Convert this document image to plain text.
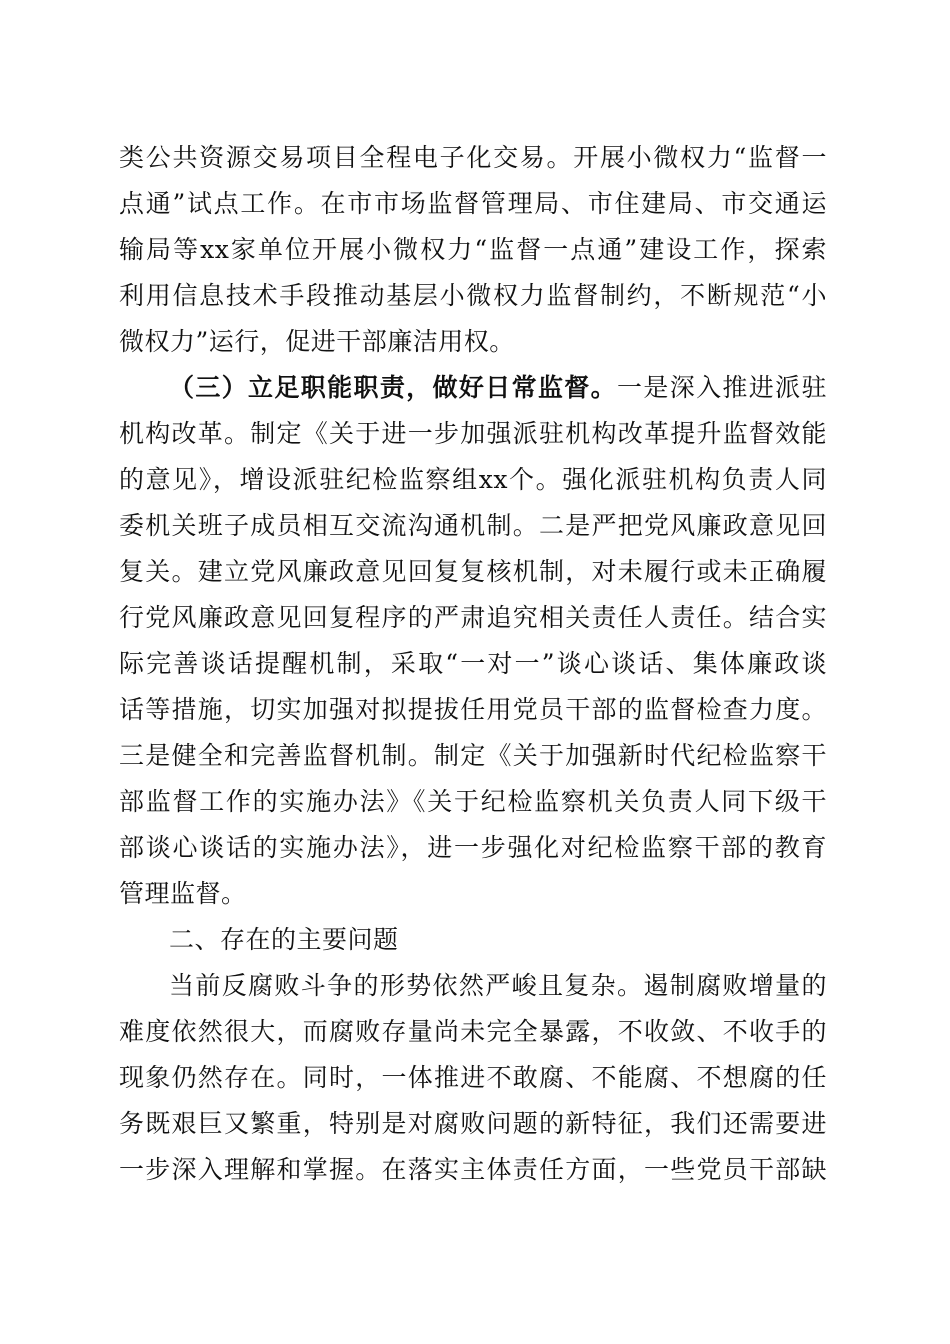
类公共资源交易项目全程电子化交易。开展小微权力“监督一
点通”试点工作。在市市场监督管理局、市住建局、市交通运
输局等xx家单位开展小微权力“监督一点通”建设工作，探索
利用信息技术手段推动基层小微权力监督制约，不断规范“小
微权力”运行，促进干部廉洁用权。
（三）立足职能职责，做好日常监督。一是深入推进派驻
机构改革。制定《关于进一步加强派驻机构改革提升监督效能
的意见》，增设派驻纪检监察组xx个。强化派驻机构负责人同
委机关班子成员相互交流沟通机制。二是严把党风廉政意见回
复关。建立党风廉政意见回复复核机制，对未履行或未正确履
行党风廉政意见回复程序的严肃追究相关责任人责任。结合实
际完善谈话提醒机制，采取“一对一”谈心谈话、集体廉政谈
话等措施，切实加强对拟提拔任用党员干部的监督检查力度。
三是健全和完善监督机制。制定《关于加强新时代纪检监察干
部监督工作的实施办法》《关于纪检监察机关负责人同下级干
部谈心谈话的实施办法》，进一步强化对纪检监察干部的教育
管理监督。
二、存在的主要问题
当前反腐败斗争的形势依然严峻且复杂。遏制腐败增量的
难度依然很大，而腐败存量尚未完全暴露，不收敛、不收手的
现象仍然存在。同时，一体推进不敢腐、不能腐、不想腐的任
务既艰巨又繁重，特别是对腐败问题的新特征，我们还需要进
一步深入理解和掌握。在落实主体责任方面，一些党员干部缺
